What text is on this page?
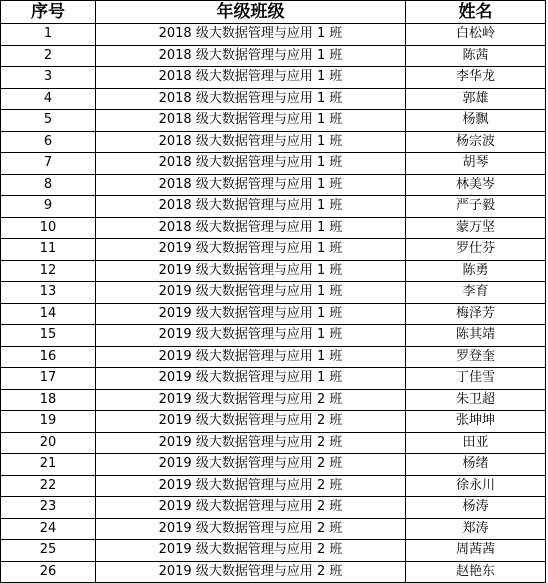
序号	年级班级	姓名
1	2018 级大数据管理与应用 1 班	白松岭
2	2018 级大数据管理与应用 1 班	陈茜
3	2018 级大数据管理与应用 1 班	李华龙
4	2018 级大数据管理与应用 1 班	郭雄
5	2018 级大数据管理与应用 1 班	杨飘
6	2018 级大数据管理与应用 1 班	杨宗波
7	2018 级大数据管理与应用 1 班	胡琴
8	2018 级大数据管理与应用 1 班	林美岑
9	2018 级大数据管理与应用 1 班	严子毅
10	2018 级大数据管理与应用 1 班	蒙万坚
11	2019 级大数据管理与应用 1 班	罗仕芬
12	2019 级大数据管理与应用 1 班	陈勇
13	2019 级大数据管理与应用 1 班	李育
14	2019 级大数据管理与应用 1 班	梅泽芳
15	2019 级大数据管理与应用 1 班	陈其靖
16	2019 级大数据管理与应用 1 班	罗登奎
17	2019 级大数据管理与应用 1 班	丁佳雪
18	2019 级大数据管理与应用 2 班	朱卫超
19	2019 级大数据管理与应用 2 班	张坤坤
20	2019 级大数据管理与应用 2 班	田亚
21	2019 级大数据管理与应用 2 班	杨绪
22	2019 级大数据管理与应用 2 班	徐永川
23	2019 级大数据管理与应用 2 班	杨涛
24	2019 级大数据管理与应用 2 班	郑涛
25	2019 级大数据管理与应用 2 班	周茜茜
26	2019 级大数据管理与应用 2 班	赵艳东
